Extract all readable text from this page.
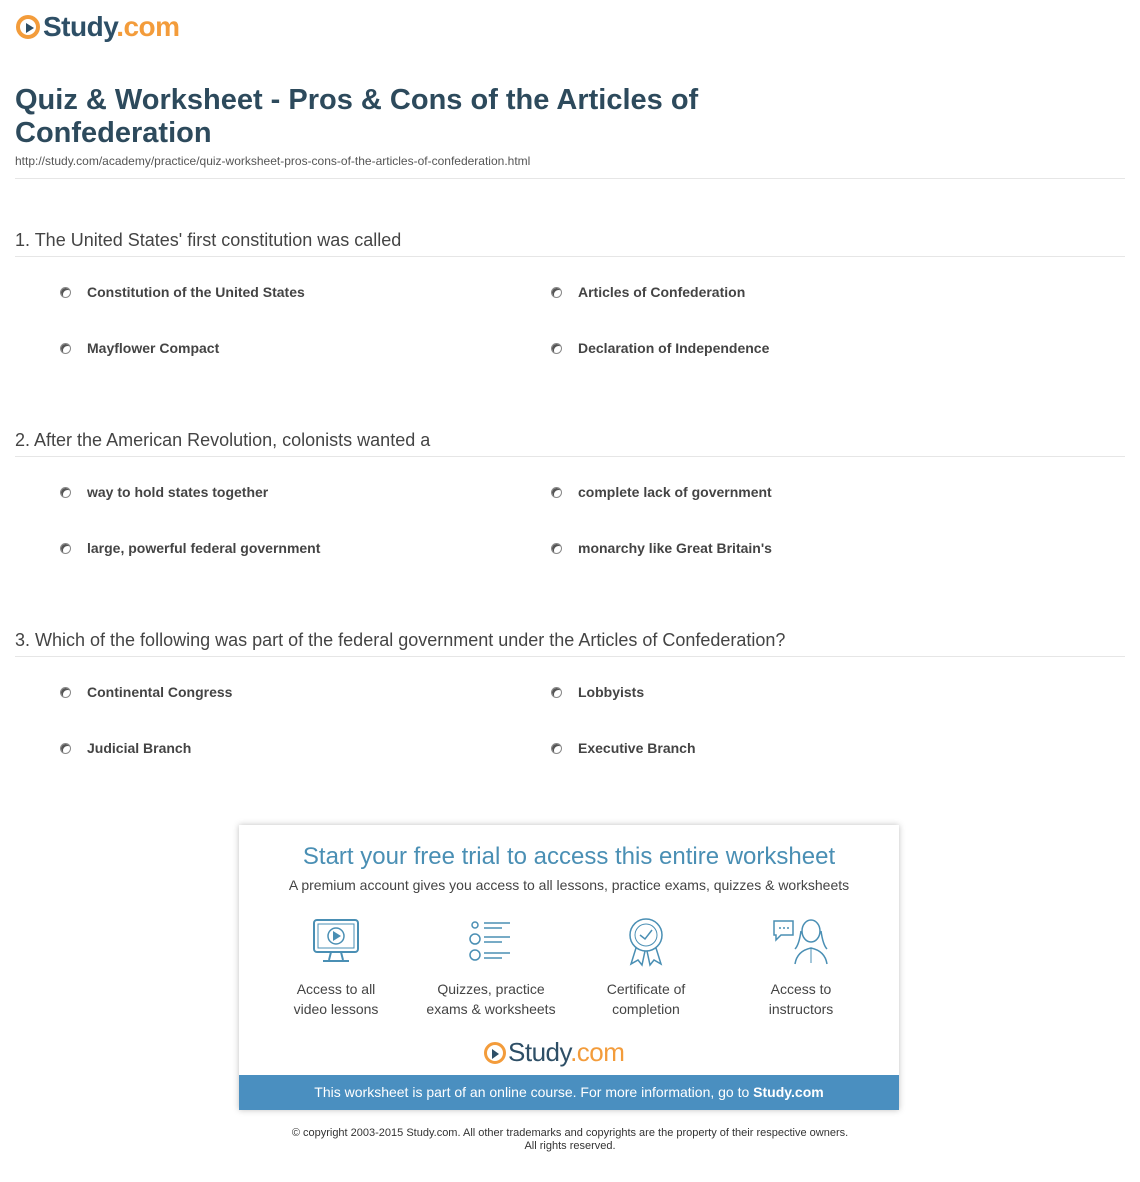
Study.com
Quiz & Worksheet - Pros & Cons of the Articles of Confederation
http://study.com/academy/practice/quiz-worksheet-pros-cons-of-the-articles-of-confederation.html
1. The United States' first constitution was called
Constitution of the United States	Articles of Confederation
Mayflower Compact	Declaration of Independence
2. After the American Revolution, colonists wanted a
way to hold states together	complete lack of government
large, powerful federal government	monarchy like Great Britain's
3. Which of the following was part of the federal government under the Articles of Confederation?
Continental Congress	Lobbyists
Judicial Branch	Executive Branch
Start your free trial to access this entire worksheet
A premium account gives you access to all lessons, practice exams, quizzes & worksheets
Access to all
video lessons
Quizzes, practice
exams & worksheets
Certificate of
completion
Access to
instructors
Study.com
This worksheet is part of an online course. For more information, go to Study.com
© copyright 2003-2015 Study.com. All other trademarks and copyrights are the property of their respective owners.
All rights reserved.
